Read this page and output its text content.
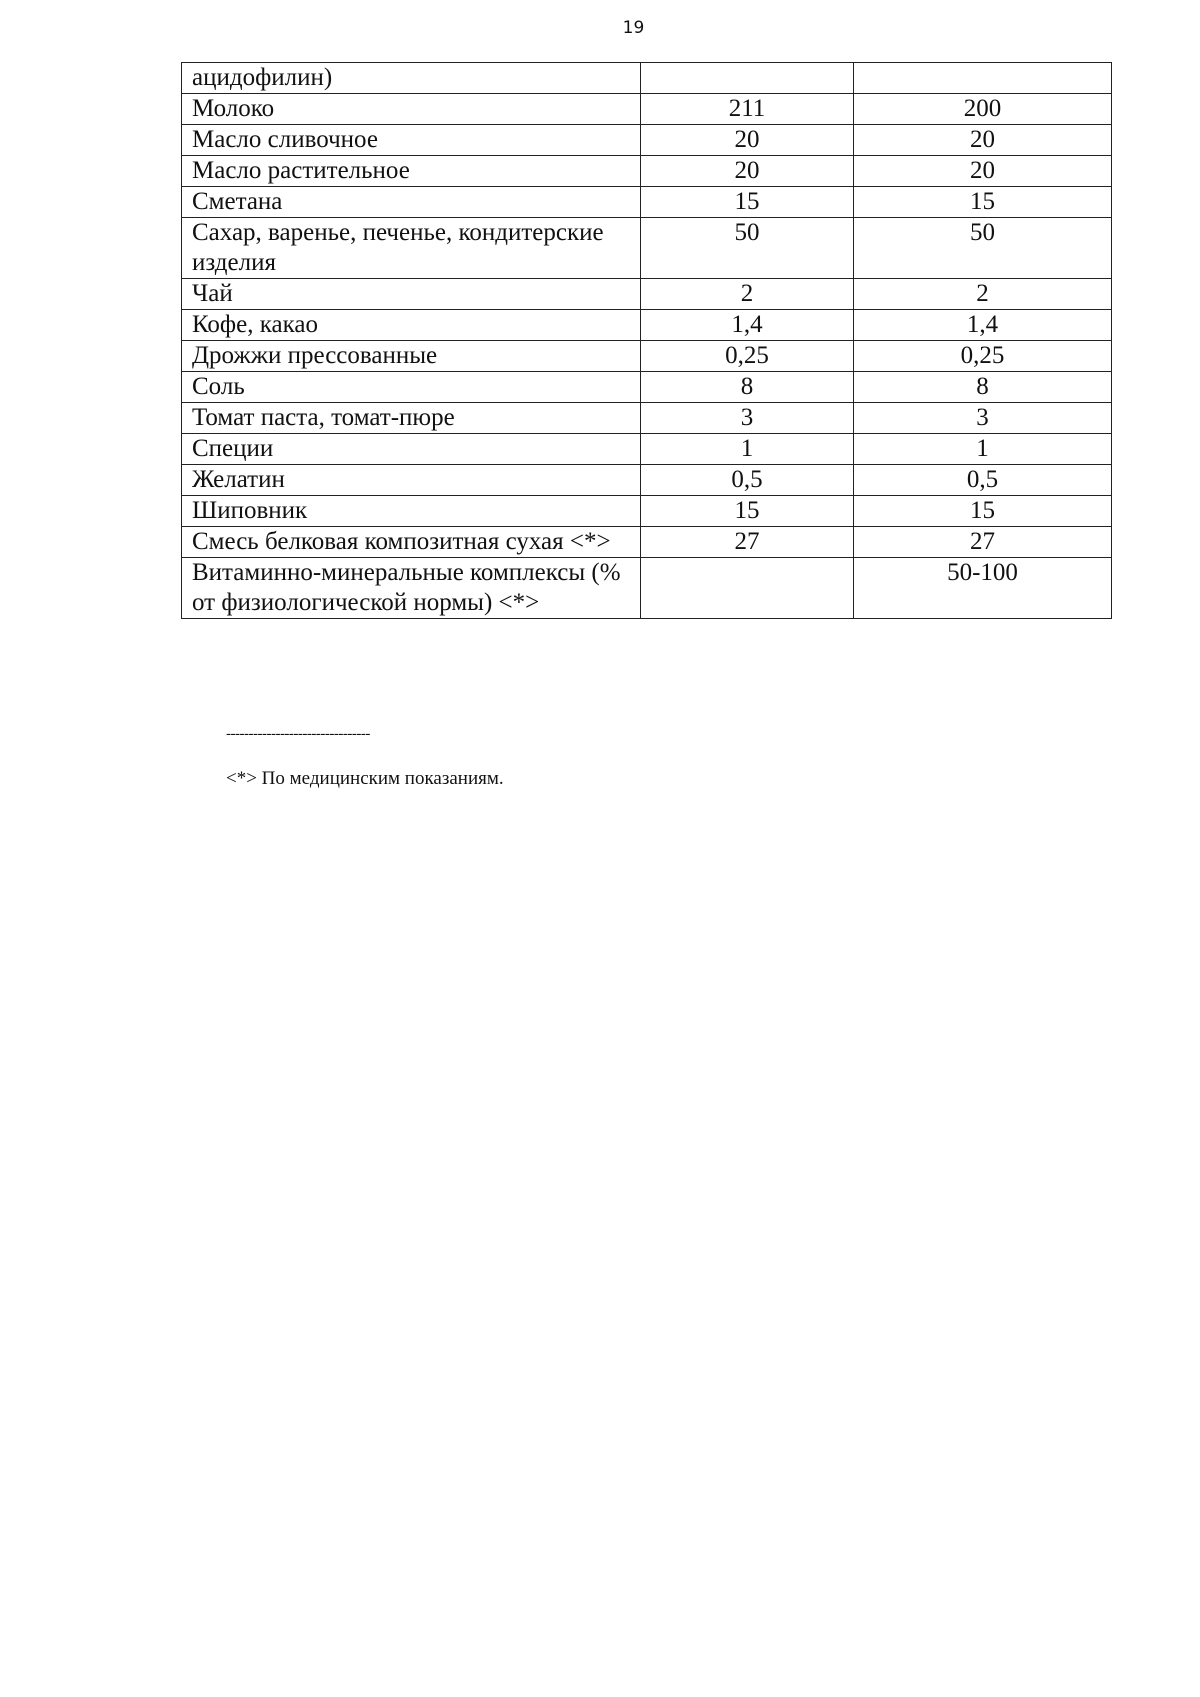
19
ацидофилин)		
Молоко	211	200
Масло сливочное	20	20
Масло растительное	20	20
Сметана	15	15
Сахар, варенье, печенье, кондитерские изделия	50	50
Чай	2	2
Кофе, какао	1,4	1,4
Дрожжи прессованные	0,25	0,25
Соль	8	8
Томат паста, томат-пюре	3	3
Специи	1	1
Желатин	0,5	0,5
Шиповник	15	15
Смесь белковая композитная сухая <*>	27	27
Витаминно-минеральные комплексы (% от физиологической нормы) <*>		50-100
--------------------------------
<*> По медицинским показаниям.
